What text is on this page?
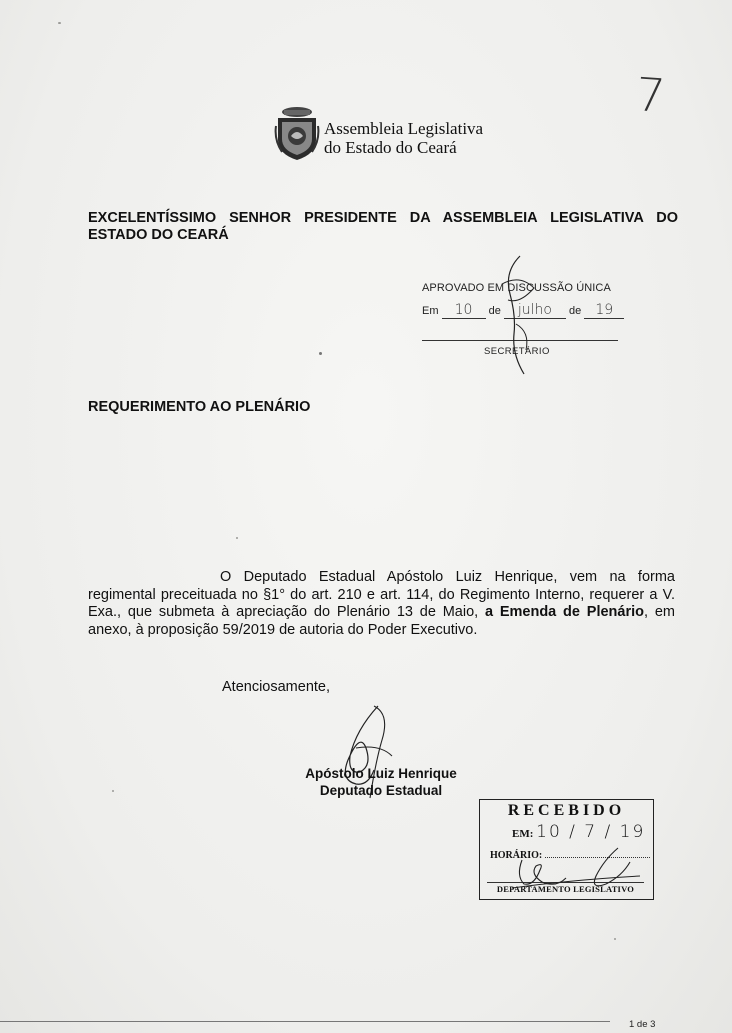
7
Assembleia Legislativa
do Estado do Ceará
EXCELENTÍSSIMO SENHOR PRESIDENTE DA ASSEMBLEIA LEGISLATIVA DO
ESTADO DO CEARÁ
APROVADO EM DISCUSSÃO ÚNICA
Em 10 de julho de 19
SECRETÁRIO
REQUERIMENTO AO PLENÁRIO
O Deputado Estadual Apóstolo Luiz Henrique, vem na forma regimental preceituada no §1° do art. 210 e art. 114, do Regimento Interno, requerer a V. Exa., que submeta à apreciação do Plenário 13 de Maio, a Emenda de Plenário, em anexo, à proposição 59/2019 de autoria do Poder Executivo.
Atenciosamente,
Apóstolo Luiz Henrique
Deputado Estadual
RECEBIDO
EM: 10 / 7 / 19
HORÁRIO:
DEPARTAMENTO LEGISLATIVO
1 de 3
